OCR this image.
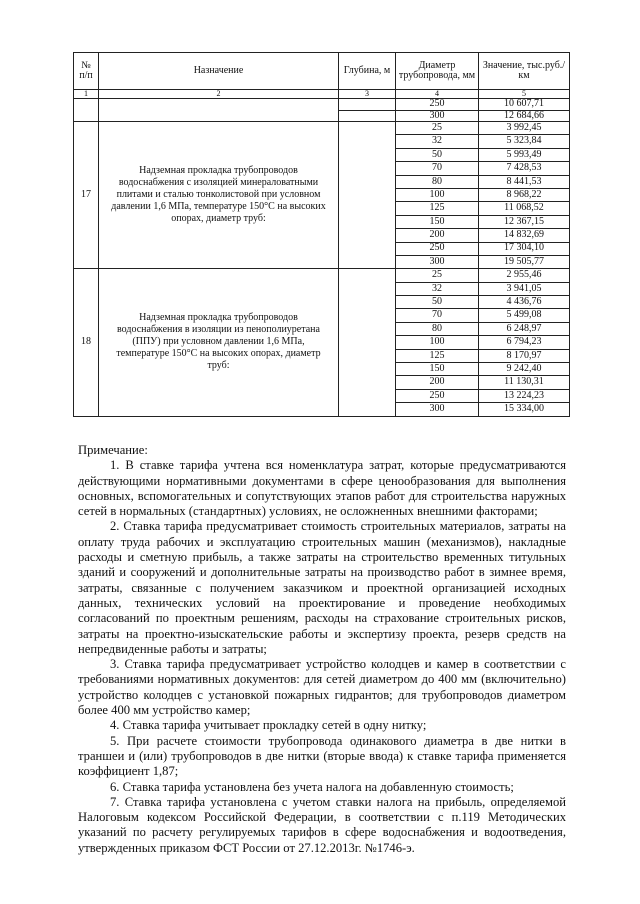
№ п/п	Назначение	Глубина, м	Диаметр трубопровода, мм	Значение, тыс.руб./км
1	2	3	4	5
			250	10 607,71
			300	12 684,66
17	Надземная прокладка трубопроводов водоснабжения с изоляцией минераловатными плитами и сталью тонколистовой при условном давлении 1,6 МПа, температуре 150°С на высоких опорах, диаметр труб:		25	3 992,45
			32	5 323,84
			50	5 993,49
			70	7 428,53
			80	8 441,53
			100	8 968,22
			125	11 068,52
			150	12 367,15
			200	14 832,69
			250	17 304,10
			300	19 505,77
18	Надземная прокладка трубопроводов водоснабжения в изоляции из пенополиуретана (ППУ) при условном давлении 1,6 МПа, температуре 150°С на высоких опорах, диаметр труб:		25	2 955,46
			32	3 941,05
			50	4 436,76
			70	5 499,08
			80	6 248,97
			100	6 794,23
			125	8 170,97
			150	9 242,40
			200	11 130,31
			250	13 224,23
			300	15 334,00

Примечание:

1. В ставке тарифа учтена вся номенклатура затрат, которые предусматриваются действующими нормативными документами в сфере ценообразования для выполнения основных, вспомогательных и сопутствующих этапов работ для строительства наружных сетей в нормальных (стандартных) условиях, не осложненных внешними факторами;

2. Ставка тарифа предусматривает стоимость строительных материалов, затраты на оплату труда рабочих и эксплуатацию строительных машин (механизмов), накладные расходы и сметную прибыль, а также затраты на строительство временных титульных зданий и сооружений и дополнительные затраты на производство работ в зимнее время, затраты, связанные с получением заказчиком и проектной организацией исходных данных, технических условий на проектирование и проведение необходимых согласований по проектным решениям, расходы на страхование строительных рисков, затраты на проектно-изыскательские работы и экспертизу проекта, резерв средств на непредвиденные работы и затраты;

3. Ставка тарифа предусматривает устройство колодцев и камер в соответствии с требованиями нормативных документов: для сетей диаметром до 400 мм (включительно) устройство колодцев с установкой пожарных гидрантов; для трубопроводов диаметром более 400 мм устройство камер;

4. Ставка тарифа учитывает прокладку сетей в одну нитку;

5. При расчете стоимости трубопровода одинакового диаметра в две нитки в траншеи и (или) трубопроводов в две нитки (вторые ввода) к ставке тарифа применяется коэффициент 1,87;

6. Ставка тарифа установлена без учета налога на добавленную стоимость;

7. Ставка тарифа установлена с учетом ставки налога на прибыль, определяемой Налоговым кодексом Российской Федерации, в соответствии с п.119 Методических указаний по расчету регулируемых тарифов в сфере водоснабжения и водоотведения, утвержденных приказом ФСТ России от 27.12.2013г. №1746-э.
